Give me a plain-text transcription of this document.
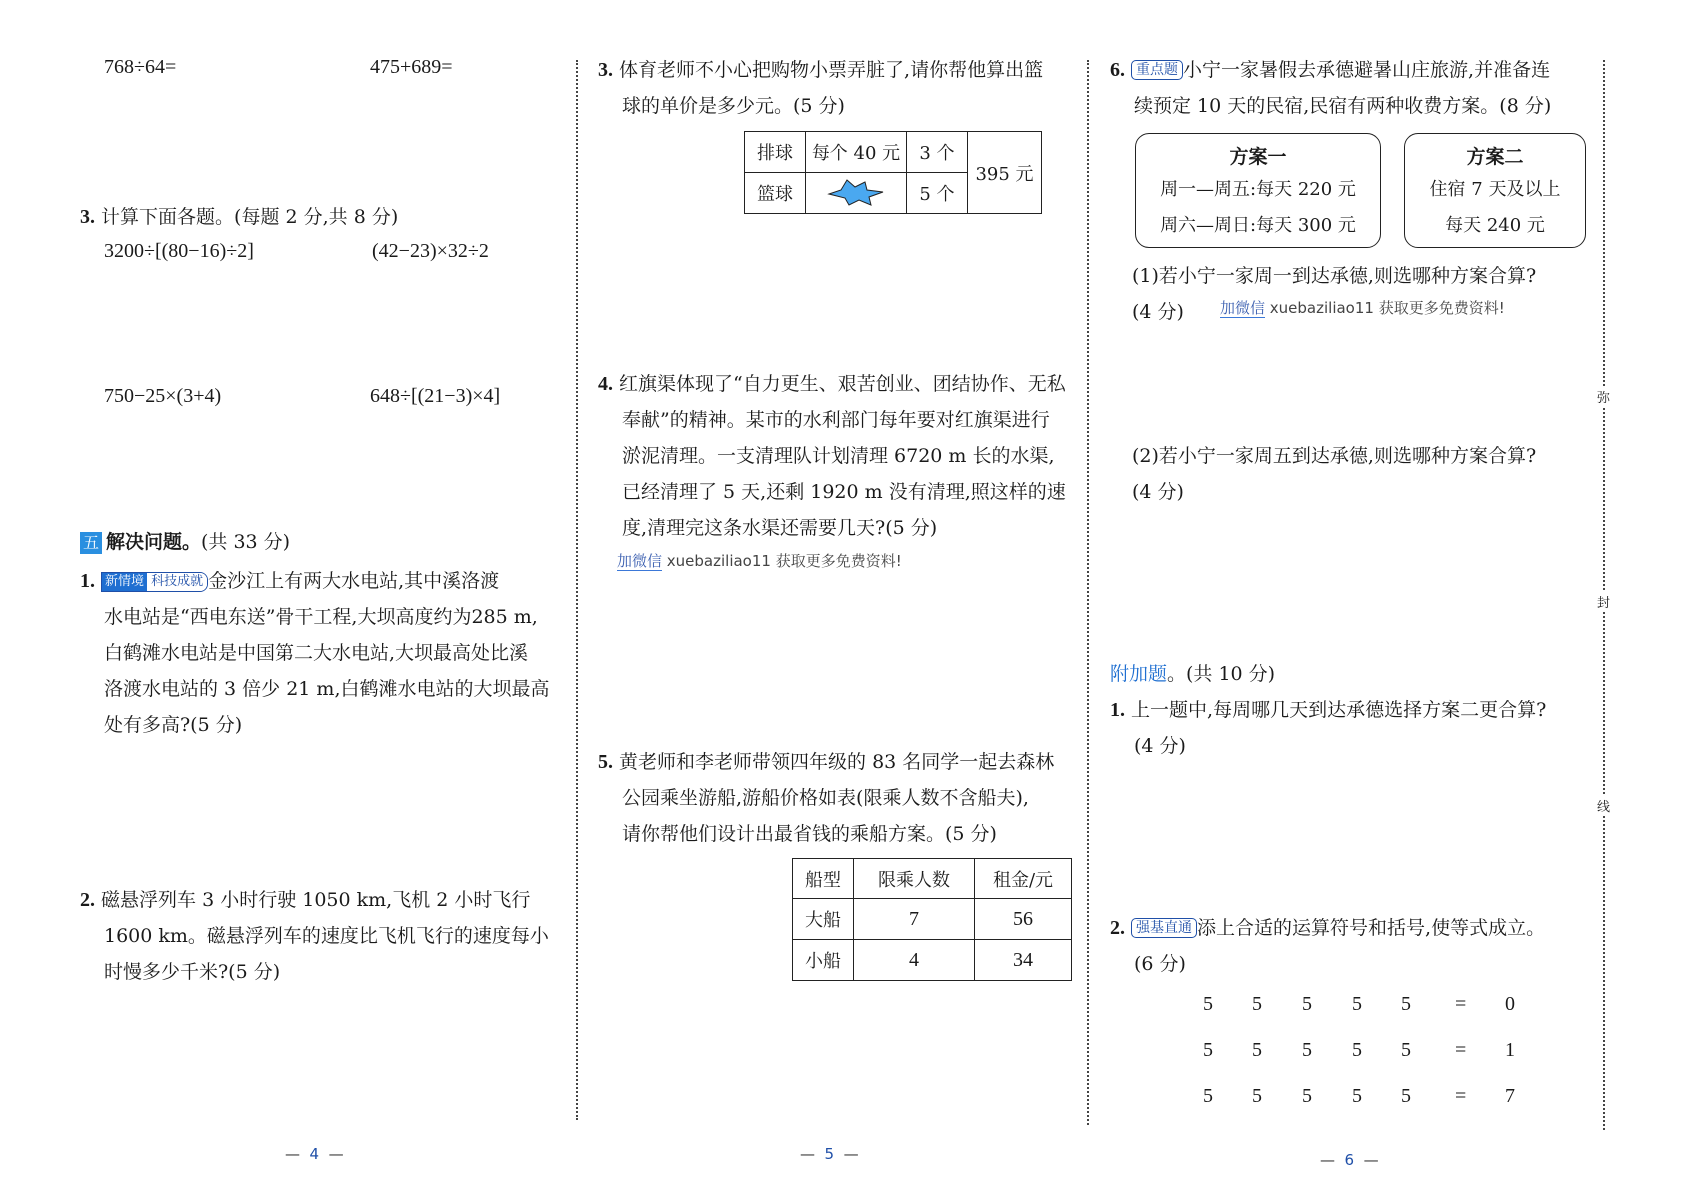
768÷64=	475+689=
3. 计算下面各题。(每题 2 分,共 8 分)
3200÷[(80−16)÷2]	(42−23)×32÷2
750−25×(3+4)	648÷[(21−3)×4]
五 解决问题。(共 33 分)
1. 新情境 科技成就 金沙江上有两大水电站,其中溪洛渡
水电站是“西电东送”骨干工程,大坝高度约为285 m,
白鹤滩水电站是中国第二大水电站,大坝最高处比溪
洛渡水电站的 3 倍少 21 m,白鹤滩水电站的大坝最高
处有多高?(5 分)
2. 磁悬浮列车 3 小时行驶 1050 km,飞机 2 小时飞行
1600 km。磁悬浮列车的速度比飞机飞行的速度每小
时慢多少千米?(5 分)
— 4 —
3. 体育老师不小心把购物小票弄脏了,请你帮他算出篮
球的单价是多少元。(5 分)
排球	每个 40 元	3 个	395 元
篮球		5 个	
4. 红旗渠体现了“自力更生、艰苦创业、团结协作、无私
奉献”的精神。某市的水利部门每年要对红旗渠进行
淤泥清理。一支清理队计划清理 6720 m 长的水渠,
已经清理了 5 天,还剩 1920 m 没有清理,照这样的速
度,清理完这条水渠还需要几天?(5 分)
加微信 xuebaziliao11 获取更多免费资料!
5. 黄老师和李老师带领四年级的 83 名同学一起去森林
公园乘坐游船,游船价格如表(限乘人数不含船夫),
请你帮他们设计出最省钱的乘船方案。(5 分)
船型	限乘人数	租金/元
大船	7	56
小船	4	34
— 5 —
6. 重点题 小宁一家暑假去承德避暑山庄旅游,并准备连
续预定 10 天的民宿,民宿有两种收费方案。(8 分)
方案一
周一—周五:每天 220 元
周六—周日:每天 300 元
方案二
住宿 7 天及以上
每天 240 元
(1)若小宁一家周一到达承德,则选哪种方案合算?
(4 分)	加微信 xuebaziliao11 获取更多免费资料!
(2)若小宁一家周五到达承德,则选哪种方案合算?
(4 分)
附加题。(共 10 分)
1. 上一题中,每周哪几天到达承德选择方案二更合算?
(4 分)
2. 强基直通 添上合适的运算符号和括号,使等式成立。
(6 分)
5 5 5 5 5 = 0
5 5 5 5 5 = 1
5 5 5 5 5 = 7
弥
封
线
— 6 —
